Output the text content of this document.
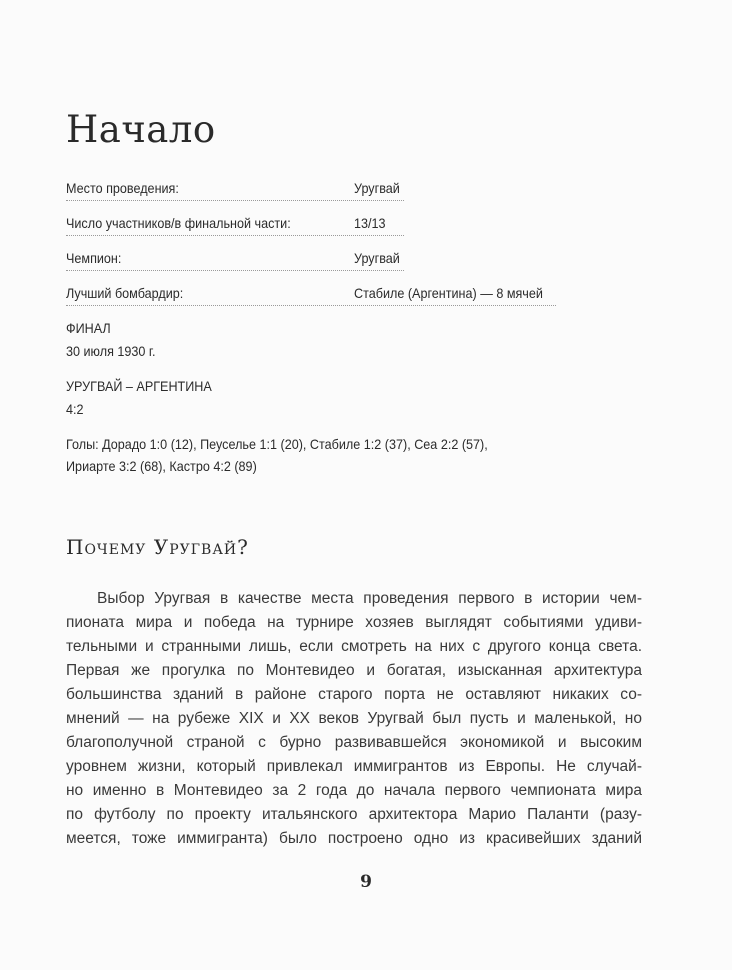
Начало
Место проведения:	Уругвай
Число участников/в финальной части:	13/13
Чемпион:	Уругвай
Лучший бомбардир:	Стабиле (Аргентина) — 8 мячей
ФИНАЛ
30 июля 1930 г.
УРУГВАЙ – АРГЕНТИНА
4:2
Голы: Дорадо 1:0 (12), Пеусельe 1:1 (20), Стабиле 1:2 (37), Сеа 2:2 (57),
Ириарте 3:2 (68), Кастро 4:2 (89)
Почему Уругвай?

Выбор Уругвая в качестве места проведения первого в истории чем-

пионата мира и победа на турнире хозяев выглядят событиями удиви-

тельными и странными лишь, если смотреть на них с другого конца света.

Первая же прогулка по Монтевидео и богатая, изысканная архитектура

большинства зданий в районе старого порта не оставляют никаких со-

мнений — на рубеже XIX и XX веков Уругвай был пусть и маленькой, но

благополучной страной с бурно развивавшейся экономикой и высоким

уровнем жизни, который привлекал иммигрантов из Европы. Не случай-

но именно в Монтевидео за 2 года до начала первого чемпионата мира

по футболу по проекту итальянского архитектора Марио Паланти (разу-

меется, тоже иммигранта) было построено одно из красивейших зданий

9
